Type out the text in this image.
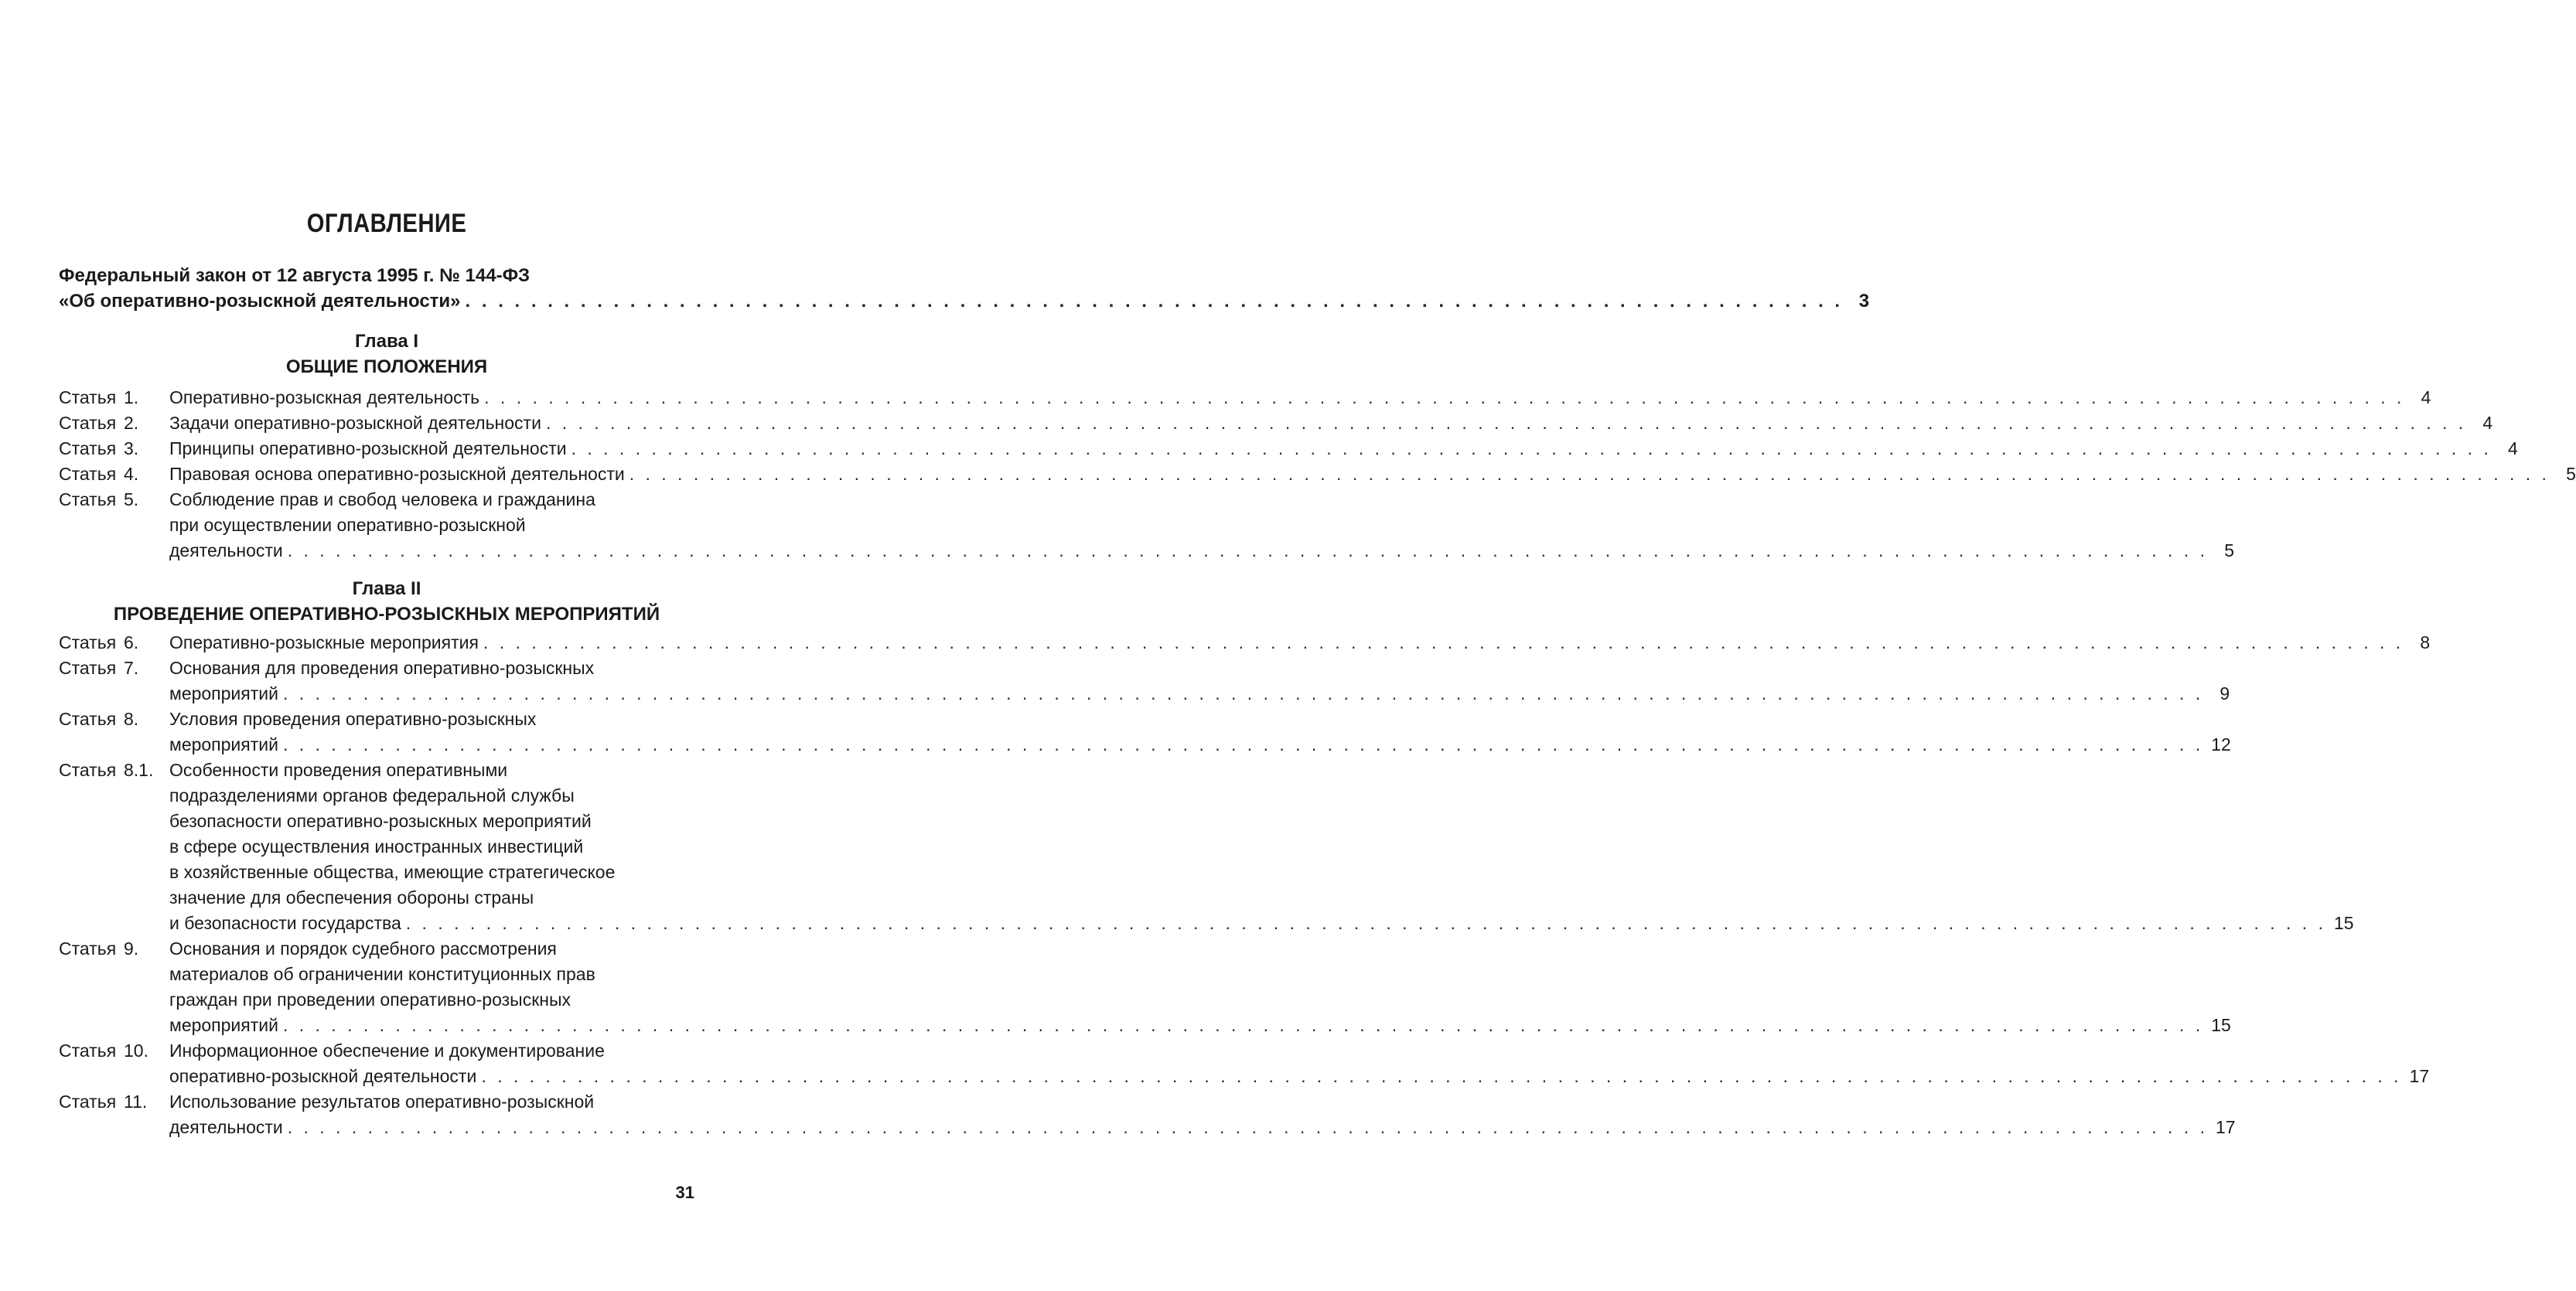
ОГЛАВЛЕНИЕ
Федеральный закон от 12 августа 1995 г. № 144-ФЗ
«Об оперативно-розыскной деятельности» . . . . . . . . . . . . . . . . . . . . . . . . . . . . . . . . . . . . . . . . . . . . . . . . . . . . . . . . . . . . . . . . . . . . . . . . . . . . . . . . . . . . 3
Глава I
ОБЩИЕ ПОЛОЖЕНИЯ
Статья 1.	Оперативно-розыскная деятельность . . . . . . . . . . . . . . . . . . . . . . . . . . . . . . . . . . . . . . . . . . . . . . . . . . . . . . . . . . . . . . . . . . . . . . . . . . . . . . . . . . . . . . . . . . . . . . . . . . . . . . . . . . . . . . . . . . . . . . . . 4
Статья 2.	Задачи оперативно-розыскной деятельности . . . . . . . . . . . . . . . . . . . . . . . . . . . . . . . . . . . . . . . . . . . . . . . . . . . . . . . . . . . . . . . . . . . . . . . . . . . . . . . . . . . . . . . . . . . . . . . . . . . . . . . . . . . . . . . . . . . . . . . . 4
Статья 3.	Принципы оперативно-розыскной деятельности . . . . . . . . . . . . . . . . . . . . . . . . . . . . . . . . . . . . . . . . . . . . . . . . . . . . . . . . . . . . . . . . . . . . . . . . . . . . . . . . . . . . . . . . . . . . . . . . . . . . . . . . . . . . . . . . . . . . . . . . 4
Статья 4.	Правовая основа оперативно-розыскной деятельности . . . . . . . . . . . . . . . . . . . . . . . . . . . . . . . . . . . . . . . . . . . . . . . . . . . . . . . . . . . . . . . . . . . . . . . . . . . . . . . . . . . . . . . . . . . . . . . . . . . . . . . . . . . . . . . . . . . . . . . . 5
Статья 5.	Соблюдение прав и свобод человека и гражданина
при осуществлении оперативно-розыскной
деятельности . . . . . . . . . . . . . . . . . . . . . . . . . . . . . . . . . . . . . . . . . . . . . . . . . . . . . . . . . . . . . . . . . . . . . . . . . . . . . . . . . . . . . . . . . . . . . . . . . . . . . . . . . . . . . . . . . . . . . . . . 5
Глава II
ПРОВЕДЕНИЕ ОПЕРАТИВНО-РОЗЫСКНЫХ МЕРОПРИЯТИЙ
Статья 6.	Оперативно-розыскные мероприятия . . . . . . . . . . . . . . . . . . . . . . . . . . . . . . . . . . . . . . . . . . . . . . . . . . . . . . . . . . . . . . . . . . . . . . . . . . . . . . . . . . . . . . . . . . . . . . . . . . . . . . . . . . . . . . . . . . . . . . . . 8
Статья 7.	Основания для проведения оперативно-розыскных
мероприятий . . . . . . . . . . . . . . . . . . . . . . . . . . . . . . . . . . . . . . . . . . . . . . . . . . . . . . . . . . . . . . . . . . . . . . . . . . . . . . . . . . . . . . . . . . . . . . . . . . . . . . . . . . . . . . . . . . . . . . . . 9
Статья 8.	Условия проведения оперативно-розыскных
мероприятий . . . . . . . . . . . . . . . . . . . . . . . . . . . . . . . . . . . . . . . . . . . . . . . . . . . . . . . . . . . . . . . . . . . . . . . . . . . . . . . . . . . . . . . . . . . . . . . . . . . . . . . . . . . . . . . . . . . . . . . . 12
Статья 8.1. Особенности проведения оперативными
подразделениями органов федеральной службы
безопасности оперативно-розыскных мероприятий
в сфере осуществления иностранных инвестиций
в хозяйственные общества, имеющие стратегическое
значение для обеспечения обороны страны
и безопасности государства . . . . . . . . . . . . . . . . . . . . . . . . . . . . . . . . . . . . . . . . . . . . . . . . . . . . . . . . . . . . . . . . . . . . . . . . . . . . . . . . . . . . . . . . . . . . . . . . . . . . . . . . . . . . . . . . . . . . . . . . 15
Статья 9.	Основания и порядок судебного рассмотрения
материалов об ограничении конституционных прав
граждан при проведении оперативно-розыскных
мероприятий . . . . . . . . . . . . . . . . . . . . . . . . . . . . . . . . . . . . . . . . . . . . . . . . . . . . . . . . . . . . . . . . . . . . . . . . . . . . . . . . . . . . . . . . . . . . . . . . . . . . . . . . . . . . . . . . . . . . . . . . 15
Статья 10.	Информационное обеспечение и документирование
оперативно-розыскной деятельности . . . . . . . . . . . . . . . . . . . . . . . . . . . . . . . . . . . . . . . . . . . . . . . . . . . . . . . . . . . . . . . . . . . . . . . . . . . . . . . . . . . . . . . . . . . . . . . . . . . . . . . . . . . . . . . . . . . . . . . . 17
Статья 11.	Использование результатов оперативно-розыскной
деятельности . . . . . . . . . . . . . . . . . . . . . . . . . . . . . . . . . . . . . . . . . . . . . . . . . . . . . . . . . . . . . . . . . . . . . . . . . . . . . . . . . . . . . . . . . . . . . . . . . . . . . . . . . . . . . . . . . . . . . . . . 17
31
